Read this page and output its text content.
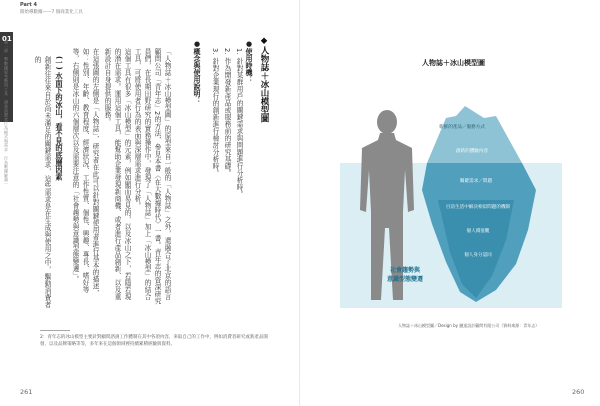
Part 4
開始導數據——7 個商業化工具
01
第一部　勢數據思考應用工具　洞悉消費者行為模式與需求　行為數據解讀｜	◆人物誌＋冰山模型圖
●使用時機：
1. 針對某群用戶的關鍵需求與問題進行分析時。
2. 作為開發新產品或服務前的研究基礎。
3. 針對企業現行的創新進行檢討分析時。
●概念與使用說明：
「人物誌＋冰山模型圖」的原型來自一般的「人物誌」之外，還融合了北京的語言顧問公司「青年志」2的方法，參見本書〈在大數據時代〉一書。青年志的資深研究員們，在長期田野研究的實務操作中，發現了「人物誌」加上「冰山模型」的結合工具，可將使用者行為的表面與深層需求進行分析。
這個工具有很多「冰山模型」的元素，例如顯而易見的，以及冰山之下，若隱若現的潛在需求。運用這個工具，能幫助企業發現新商機、或者進行產品創新、以及重新設計自身提供的服務。
在這張圖的左側是「人物誌」，研究者在此可以針對關鍵使用者進行基本的描述，如：性別、年齡、教育程度、經濟狀況、工作性質、個性、興趣、專長、嗜好等等，右側則是冰山的六個層次以及需要注意的「社會趨勢與意識型態變遷」。
(一) 水面下的冰山，看不見的底層因素
創新往往來自於尚未滿足的關鍵需求，這些需求是在生成與使用之中，驅動消費者的
2：青年志的冰山模型主要針對顧問諮詢工作體制在其中各項內容，來取自己的工作中，例如消費者研究或新產品開發，以及品牌策略等等，多年來在這個領域裡持續累積經驗與資料。
261	260
人物誌＋冰山模型圖
新鮮的產品／服務方式
創新的體驗內容
關鍵需求／問題
目前生活中解決相似問題的機制
個人價值觀
個人身分認同
社會趨勢與
意識型態變遷
人物誌＋冰山模型圖／Design by 鏈達設計顧問有限公司（資料來源：青年志）
